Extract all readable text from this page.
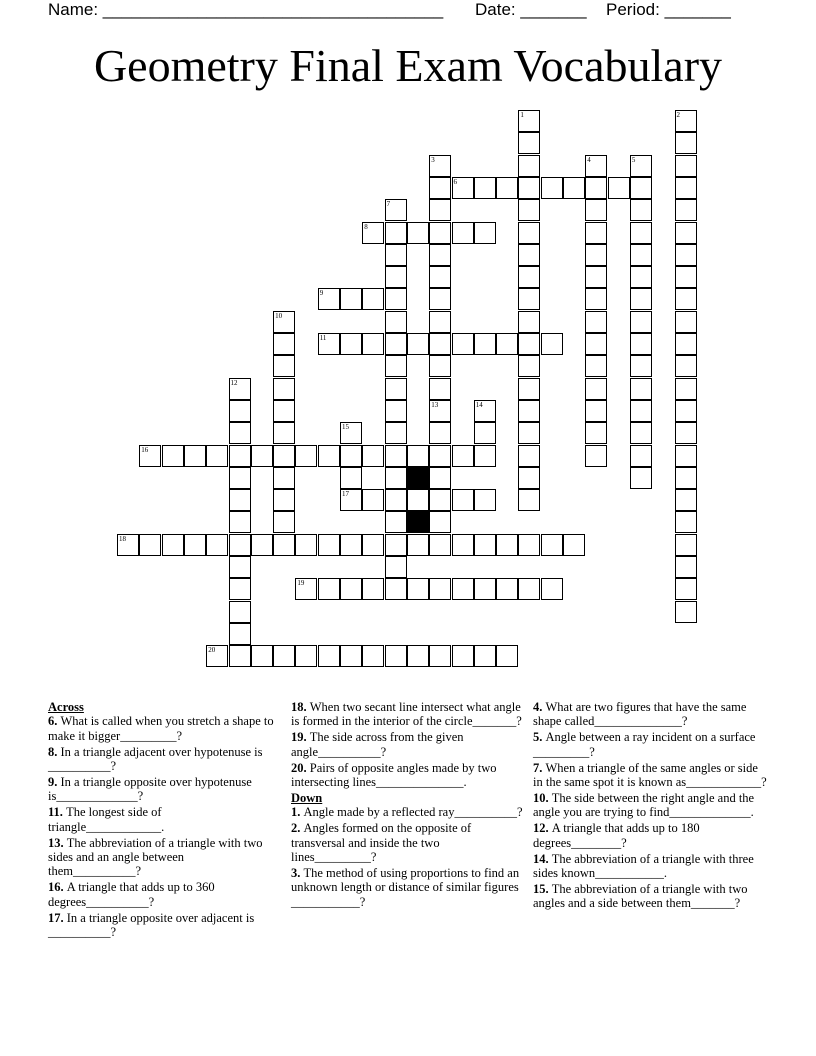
Name: ____________________________________ Date: _______ Period: _______
Geometry Final Exam Vocabulary
6
8
9
11
16
17
18
19
20
1	2
3
13
4	5
7
10
12
14
15
Across
6. What is called when you stretch a shape to make it bigger_________?
8. In a triangle adjacent over hypotenuse is __________?
9. In a triangle opposite over hypotenuse is_____________?
11. The longest side of triangle____________.
13. The abbreviation of a triangle with two sides and an angle between them__________?
16. A triangle that adds up to 360 degrees__________?
17. In a triangle opposite over adjacent is __________?
18. When two secant line intersect what angle is formed in the interior of the circle_______?
19. The side across from the given angle__________?
20. Pairs of opposite angles made by two intersecting lines______________.
Down
1. Angle made by a reflected ray__________?
2. Angles formed on the opposite of transversal and inside the two lines_________?
3. The method of using proportions to find an unknown length or distance of similar figures ___________?
4. What are two figures that have the same shape called______________?
5. Angle between a ray incident on a surface _________?
7. When a triangle of the same angles or side in the same spot it is known as____________?
10. The side between the right angle and the angle you are trying to find_____________.
12. A triangle that adds up to 180 degrees________?
14. The abbreviation of a triangle with three sides known___________.
15. The abbreviation of a triangle with two angles and a side between them_______?
